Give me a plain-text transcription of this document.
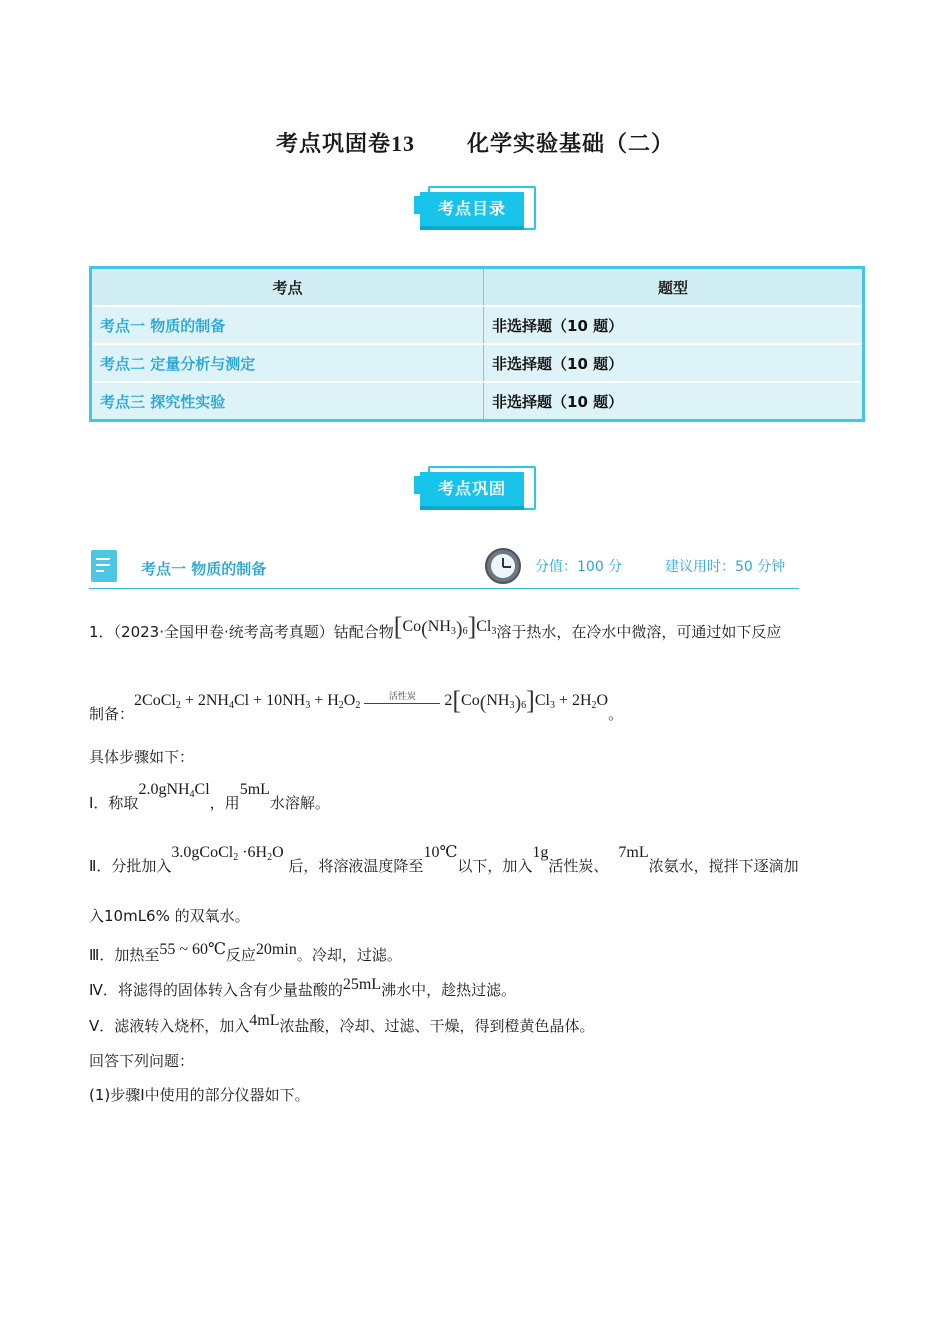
考点巩固卷13 化学实验基础（二）
考点目录
考点	题型
考点一 物质的制备	非选择题（10 题）
考点二 定量分析与测定	非选择题（10 题）
考点三 探究性实验	非选择题（10 题）
考点巩固
考点一 物质的制备	分值：100 分	建议用时：50 分钟
1．（2023·全国甲卷·统考高考真题）钴配合物$[Co(NH_3)_6]Cl_3$溶于热水，在冷水中微溶，可通过如下反应
制备：2CoCl$_2$ + $2NH_4Cl + 10NH_3 + H_2O_2$ 活性炭
$2[Co(NH_3)_6]Cl_3 + 2H_2O$。
具体步骤如下：
Ⅰ．称取2.0gNH$_4$Cl，用5mL水溶解。
Ⅱ．分批加入3.0gCoCl$_2$ $\cdot 6H_2O$ 后，将溶液温度降至10℃以下，加入1g活性炭、7mL浓氨水，搅拌下逐滴加
入10mL6% 的双氧水。
Ⅲ．加热至55 ~ 60℃反应20min。冷却，过滤。
Ⅳ．将滤得的固体转入含有少量盐酸的25mL沸水中，趁热过滤。
Ⅴ．滤液转入烧杯，加入4mL浓盐酸，冷却、过滤、干燥，得到橙黄色晶体。
回答下列问题：
(1)步骤Ⅰ中使用的部分仪器如下。
